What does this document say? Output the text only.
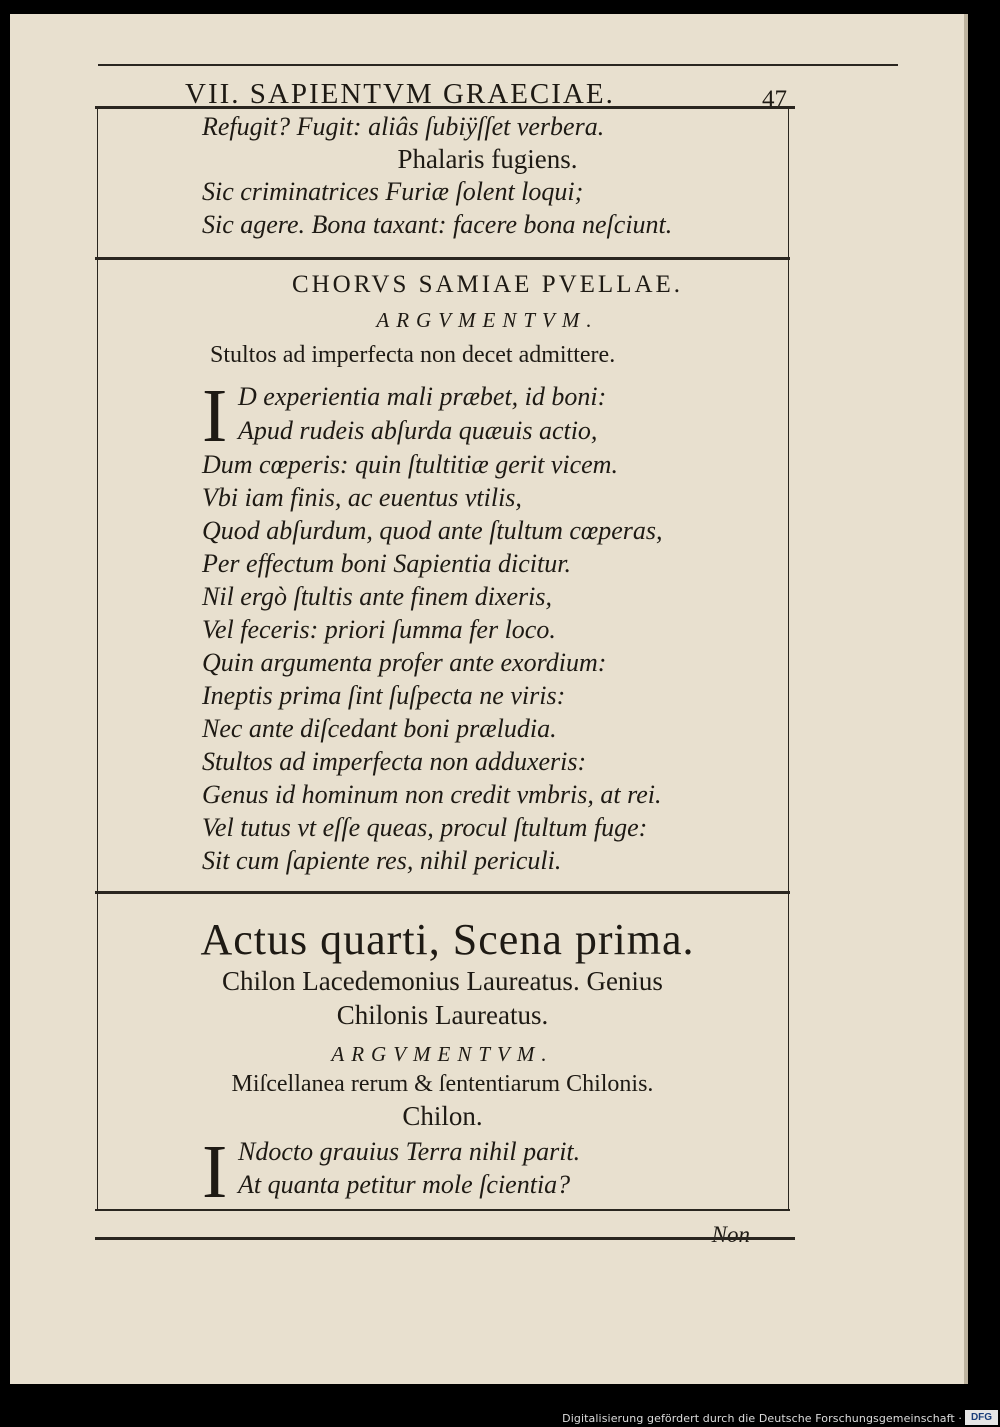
VII. SAPIENTVM GRAECIAE.	47
Refugit? Fugit: aliâs ſubiÿſſet verbera.
Phalaris fugiens.
Sic criminatrices Furiæ ſolent loqui;
Sic agere. Bona taxant: facere bona neſciunt.
CHORVS SAMIAE PVELLAE.
ARGVMENTVM.
Stultos ad imperfecta non decet admittere.
I D experientia mali præbet, id boni:
Apud rudeis abſurda quæuis actio,
Dum cœperis: quin ſtultitiæ gerit vicem.
Vbi iam finis, ac euentus vtilis,
Quod abſurdum, quod ante ſtultum cœperas,
Per effectum boni Sapientia dicitur.
Nil ergò ſtultis ante finem dixeris,
Vel feceris: priori ſumma fer loco.
Quin argumenta profer ante exordium:
Ineptis prima ſint ſuſpecta ne viris:
Nec ante diſcedant boni præludia.
Stultos ad imperfecta non adduxeris:
Genus id hominum non credit vmbris, at rei.
Vel tutus vt eſſe queas, procul ſtultum fuge:
Sit cum ſapiente res, nihil periculi.
Actus quarti, Scena prima.
Chilon Lacedemonius Laureatus. Genius
Chilonis Laureatus.
ARGVMENTVM.
Miſcellanea rerum & ſententiarum Chilonis.
Chilon.
I Ndocto grauius Terra nihil parit.
At quanta petitur mole ſcientia?
Non
Digitalisierung gefördert durch die Deutsche Forschungsgemeinschaft · DFG
